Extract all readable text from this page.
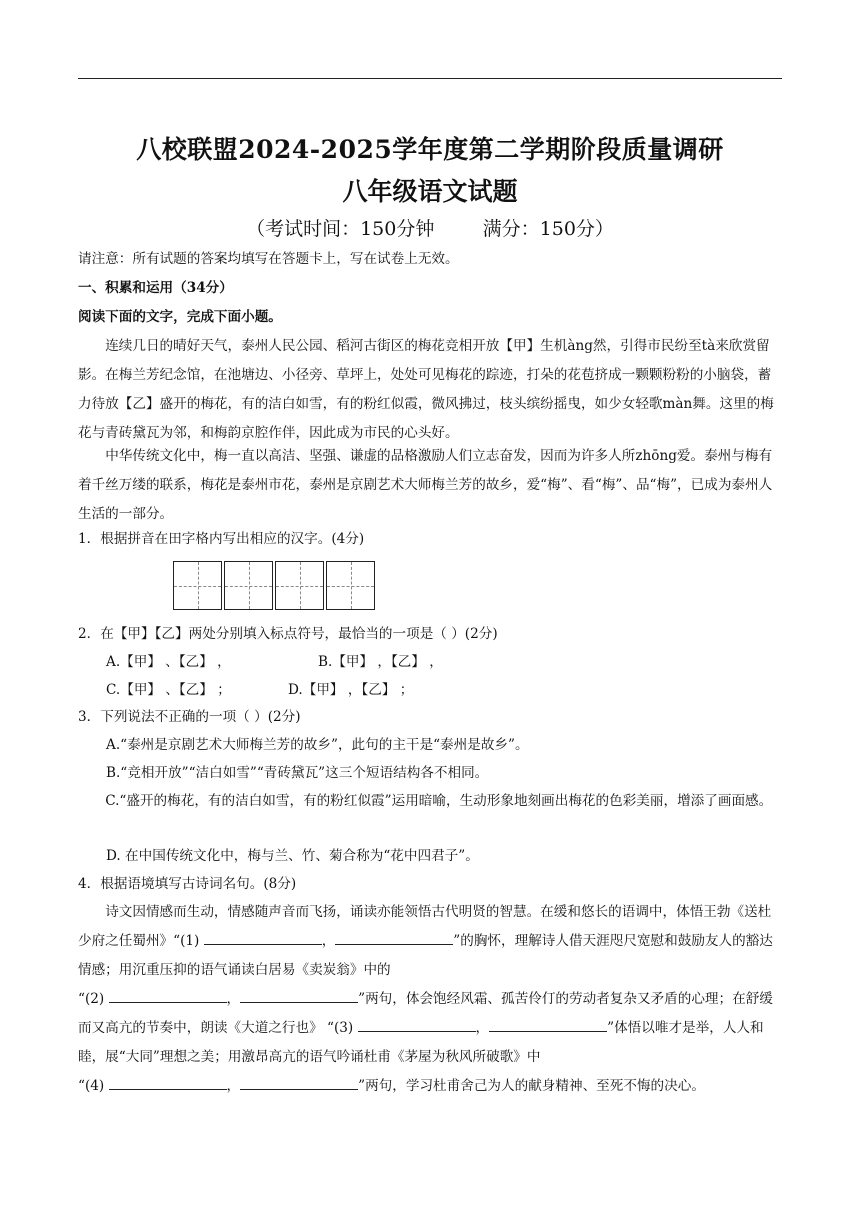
八校联盟2024-2025学年度第二学期阶段质量调研
八年级语文试题
（考试时间：150分钟        满分：150分）
请注意：所有试题的答案均填写在答题卡上，写在试卷上无效。
一、积累和运用（34分）
阅读下面的文字，完成下面小题。
连续几日的晴好天气，泰州人民公园、稻河古街区的梅花竞相开放【甲】生机àng然，引得市民纷至tà来欣赏留影。在梅兰芳纪念馆，在池塘边、小径旁、草坪上，处处可见梅花的踪迹，打朵的花苞挤成一颗颗粉粉的小脑袋，蓄力待放【乙】盛开的梅花，有的洁白如雪，有的粉红似霞，微风拂过，枝头缤纷摇曳，如少女轻歌màn舞。这里的梅花与青砖黛瓦为邻，和梅韵京腔作伴，因此成为市民的心头好。
中华传统文化中，梅一直以高洁、坚强、谦虚的品格激励人们立志奋发，因而为许多人所zhōng爱。泰州与梅有着千丝万缕的联系，梅花是泰州市花，泰州是京剧艺术大师梅兰芳的故乡，爱“梅”、看“梅”、品“梅”，已成为泰州人生活的一部分。
1．根据拼音在田字格内写出相应的汉字。(4分)
2．在【甲】【乙】两处分别填入标点符号，最恰当的一项是（ ）(2分)
A.【甲】 、【乙】 ，	B.【甲】 ，【乙】 ，
C.【甲】 、【乙】 ；	D.【甲】 ，【乙】 ；
3．下列说法不正确的一项（ ）(2分)
A.“泰州是京剧艺术大师梅兰芳的故乡”，此句的主干是“泰州是故乡”。
B.“竞相开放”“洁白如雪”“青砖黛瓦”这三个短语结构各不相同。
C.“盛开的梅花，有的洁白如雪，有的粉红似霞”运用暗喻，生动形象地刻画出梅花的色彩美丽，增添了画面感。
D. 在中国传统文化中，梅与兰、竹、菊合称为“花中四君子”。
4．根据语境填写古诗词名句。(8分)
诗文因情感而生动，情感随声音而飞扬，诵读亦能领悟古代明贤的智慧。在缓和悠长的语调中，体悟王勃《送杜少府之任蜀州》“(1)	，	”的胸怀，理解诗人借天涯咫尺宽慰和鼓励友人的豁达情感；用沉重压抑的语气诵读白居易《卖炭翁》中的
“(2)	，	”两句，体会饱经风霜、孤苦伶仃的劳动者复杂又矛盾的心理；在舒缓而又高亢的节奏中，朗读《大道之行也》 “(3)	，	”体悟以唯才是举，人人和睦，展“大同”理想之美；用激昂高亢的语气吟诵杜甫《茅屋为秋风所破歌》中
“(4)	，	”两句，学习杜甫舍己为人的献身精神、至死不悔的决心。
